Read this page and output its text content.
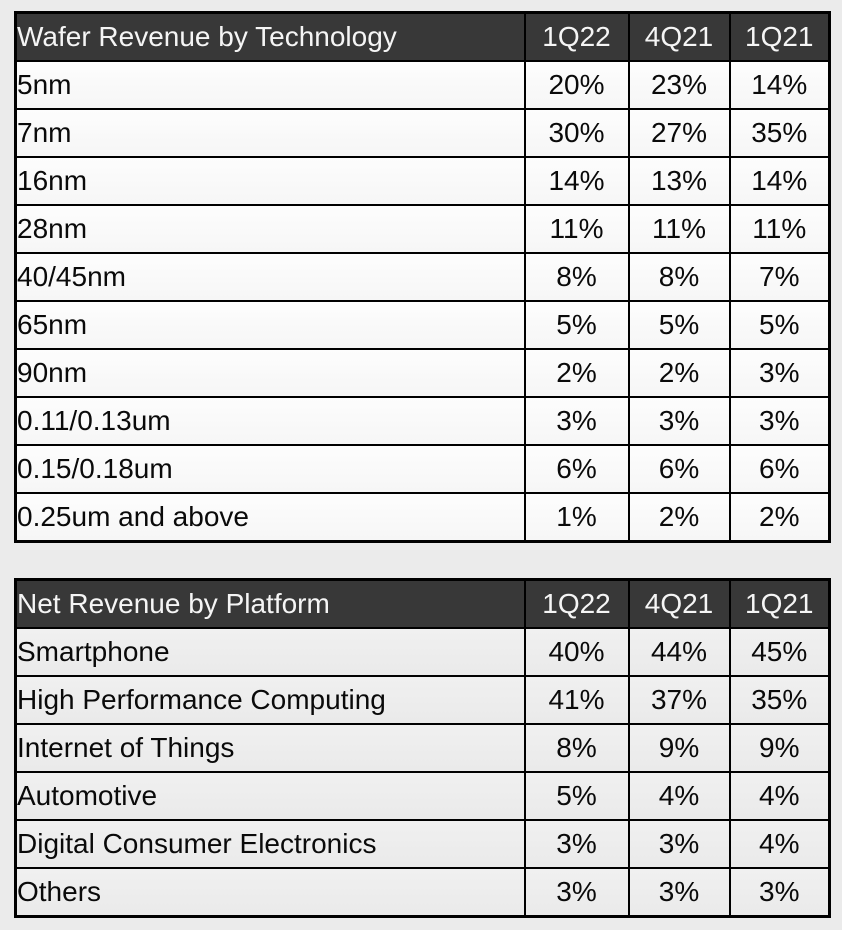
Wafer Revenue by Technology	1Q22	4Q21	1Q21
5nm	20%	23%	14%
7nm	30%	27%	35%
16nm	14%	13%	14%
28nm	11%	11%	11%
40/45nm	8%	8%	7%
65nm	5%	5%	5%
90nm	2%	2%	3%
0.11/0.13um	3%	3%	3%
0.15/0.18um	6%	6%	6%
0.25um and above	1%	2%	2%
Net Revenue by Platform	1Q22	4Q21	1Q21
Smartphone	40%	44%	45%
High Performance Computing	41%	37%	35%
Internet of Things	8%	9%	9%
Automotive	5%	4%	4%
Digital Consumer Electronics	3%	3%	4%
Others	3%	3%	3%
